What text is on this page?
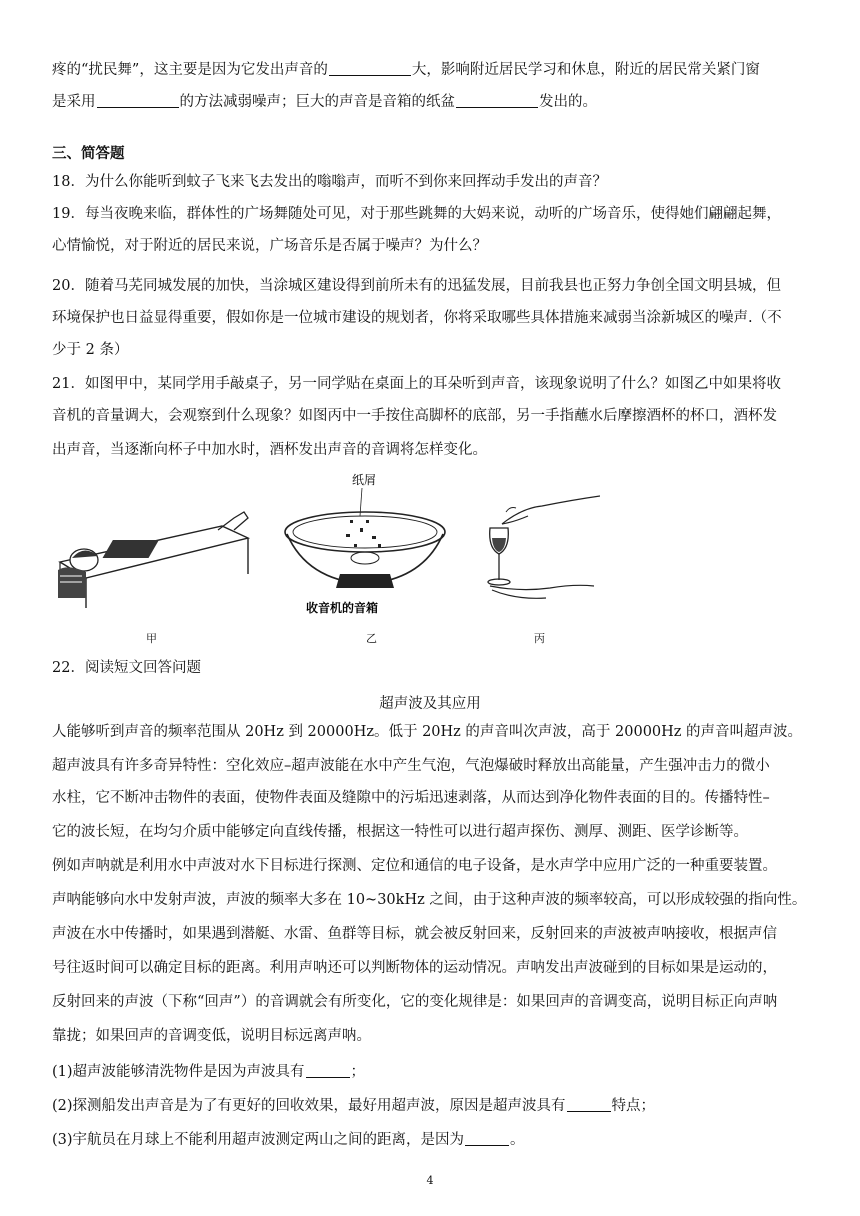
疼的“扰民舞”，这主要是因为它发出声音的	大，影响附近居民学习和休息，附近的居民常关紧门窗
是采用	的方法减弱噪声；巨大的声音是音箱的纸盆	发出的。
三、简答题
18．为什么你能听到蚊子飞来飞去发出的嗡嗡声，而听不到你来回挥动手发出的声音？
19．每当夜晚来临，群体性的广场舞随处可见，对于那些跳舞的大妈来说，动听的广场音乐，使得她们翩翩起舞，
心情愉悦，对于附近的居民来说，广场音乐是否属于噪声？为什么？
20．随着马芜同城发展的加快，当涂城区建设得到前所未有的迅猛发展，目前我县也正努力争创全国文明县城，但
环境保护也日益显得重要，假如你是一位城市建设的规划者，你将采取哪些具体措施来减弱当涂新城区的噪声.（不
少于 2 条）
21．如图甲中，某同学用手敲桌子，另一同学贴在桌面上的耳朵听到声音，该现象说明了什么？如图乙中如果将收
音机的音量调大，会观察到什么现象？如图丙中一手按住高脚杯的底部，另一手指蘸水后摩擦酒杯的杯口，酒杯发
出声音，当逐渐向杯子中加水时，酒杯发出声音的音调将怎样变化。
甲
纸屑
收音机的音箱
乙	丙
22．阅读短文回答问题
超声波及其应用
人能够听到声音的频率范围从 20Hz 到 20000Hz。低于 20Hz 的声音叫次声波，高于 20000Hz 的声音叫超声波。
超声波具有许多奇异特性：空化效应–超声波能在水中产生气泡，气泡爆破时释放出高能量，产生强冲击力的微小
水柱，它不断冲击物件的表面，使物件表面及缝隙中的污垢迅速剥落，从而达到净化物件表面的目的。传播特性–
它的波长短，在均匀介质中能够定向直线传播，根据这一特性可以进行超声探伤、测厚、测距、医学诊断等。
例如声呐就是利用水中声波对水下目标进行探测、定位和通信的电子设备，是水声学中应用广泛的一种重要装置。
声呐能够向水中发射声波，声波的频率大多在 10~30kHz 之间，由于这种声波的频率较高，可以形成较强的指向性。
声波在水中传播时，如果遇到潜艇、水雷、鱼群等目标，就会被反射回来，反射回来的声波被声呐接收，根据声信
号往返时间可以确定目标的距离。利用声呐还可以判断物体的运动情况。声呐发出声波碰到的目标如果是运动的，
反射回来的声波（下称“回声”）的音调就会有所变化，它的变化规律是：如果回声的音调变高，说明目标正向声呐
靠拢；如果回声的音调变低，说明目标远离声呐。
(1)超声波能够清洗物件是因为声波具有	；
(2)探测船发出声音是为了有更好的回收效果，最好用超声波，原因是超声波具有	特点；
(3)宇航员在月球上不能利用超声波测定两山之间的距离，是因为	。
4
